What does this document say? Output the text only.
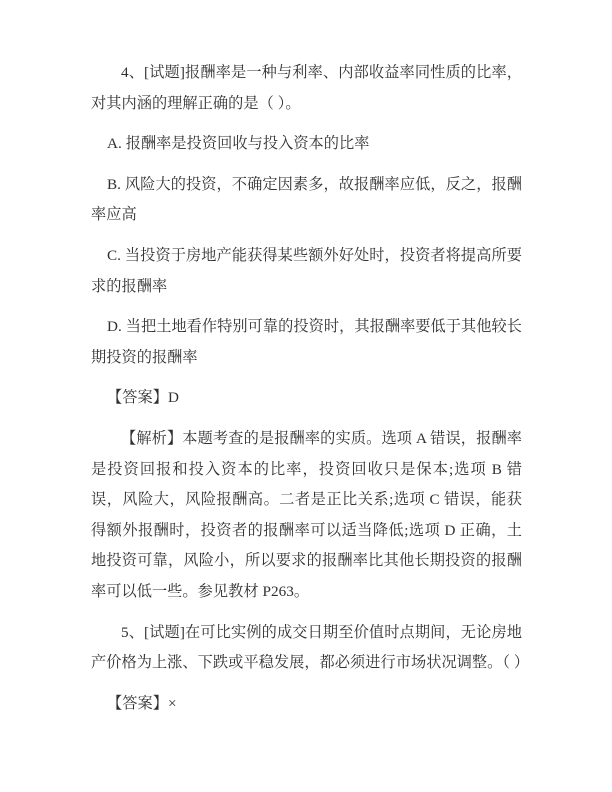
4、[试题]报酬率是一种与利率、内部收益率同性质的比率，对其内涵的理解正确的是（ ）。

A. 报酬率是投资回收与投入资本的比率

B. 风险大的投资，不确定因素多，故报酬率应低，反之，报酬率应高

C. 当投资于房地产能获得某些额外好处时，投资者将提高所要求的报酬率

D. 当把土地看作特别可靠的投资时，其报酬率要低于其他较长期投资的报酬率

【答案】D

【解析】本题考查的是报酬率的实质。选项 A 错误，报酬率是投资回报和投入资本的比率，投资回收只是保本;选项 B 错误，风险大，风险报酬高。二者是正比关系;选项 C 错误，能获得额外报酬时，投资者的报酬率可以适当降低;选项 D 正确，土地投资可靠，风险小，所以要求的报酬率比其他长期投资的报酬率可以低一些。参见教材 P263。

5、[试题]在可比实例的成交日期至价值时点期间，无论房地产价格为上涨、下跌或平稳发展，都必须进行市场状况调整。（ ）

【答案】×
